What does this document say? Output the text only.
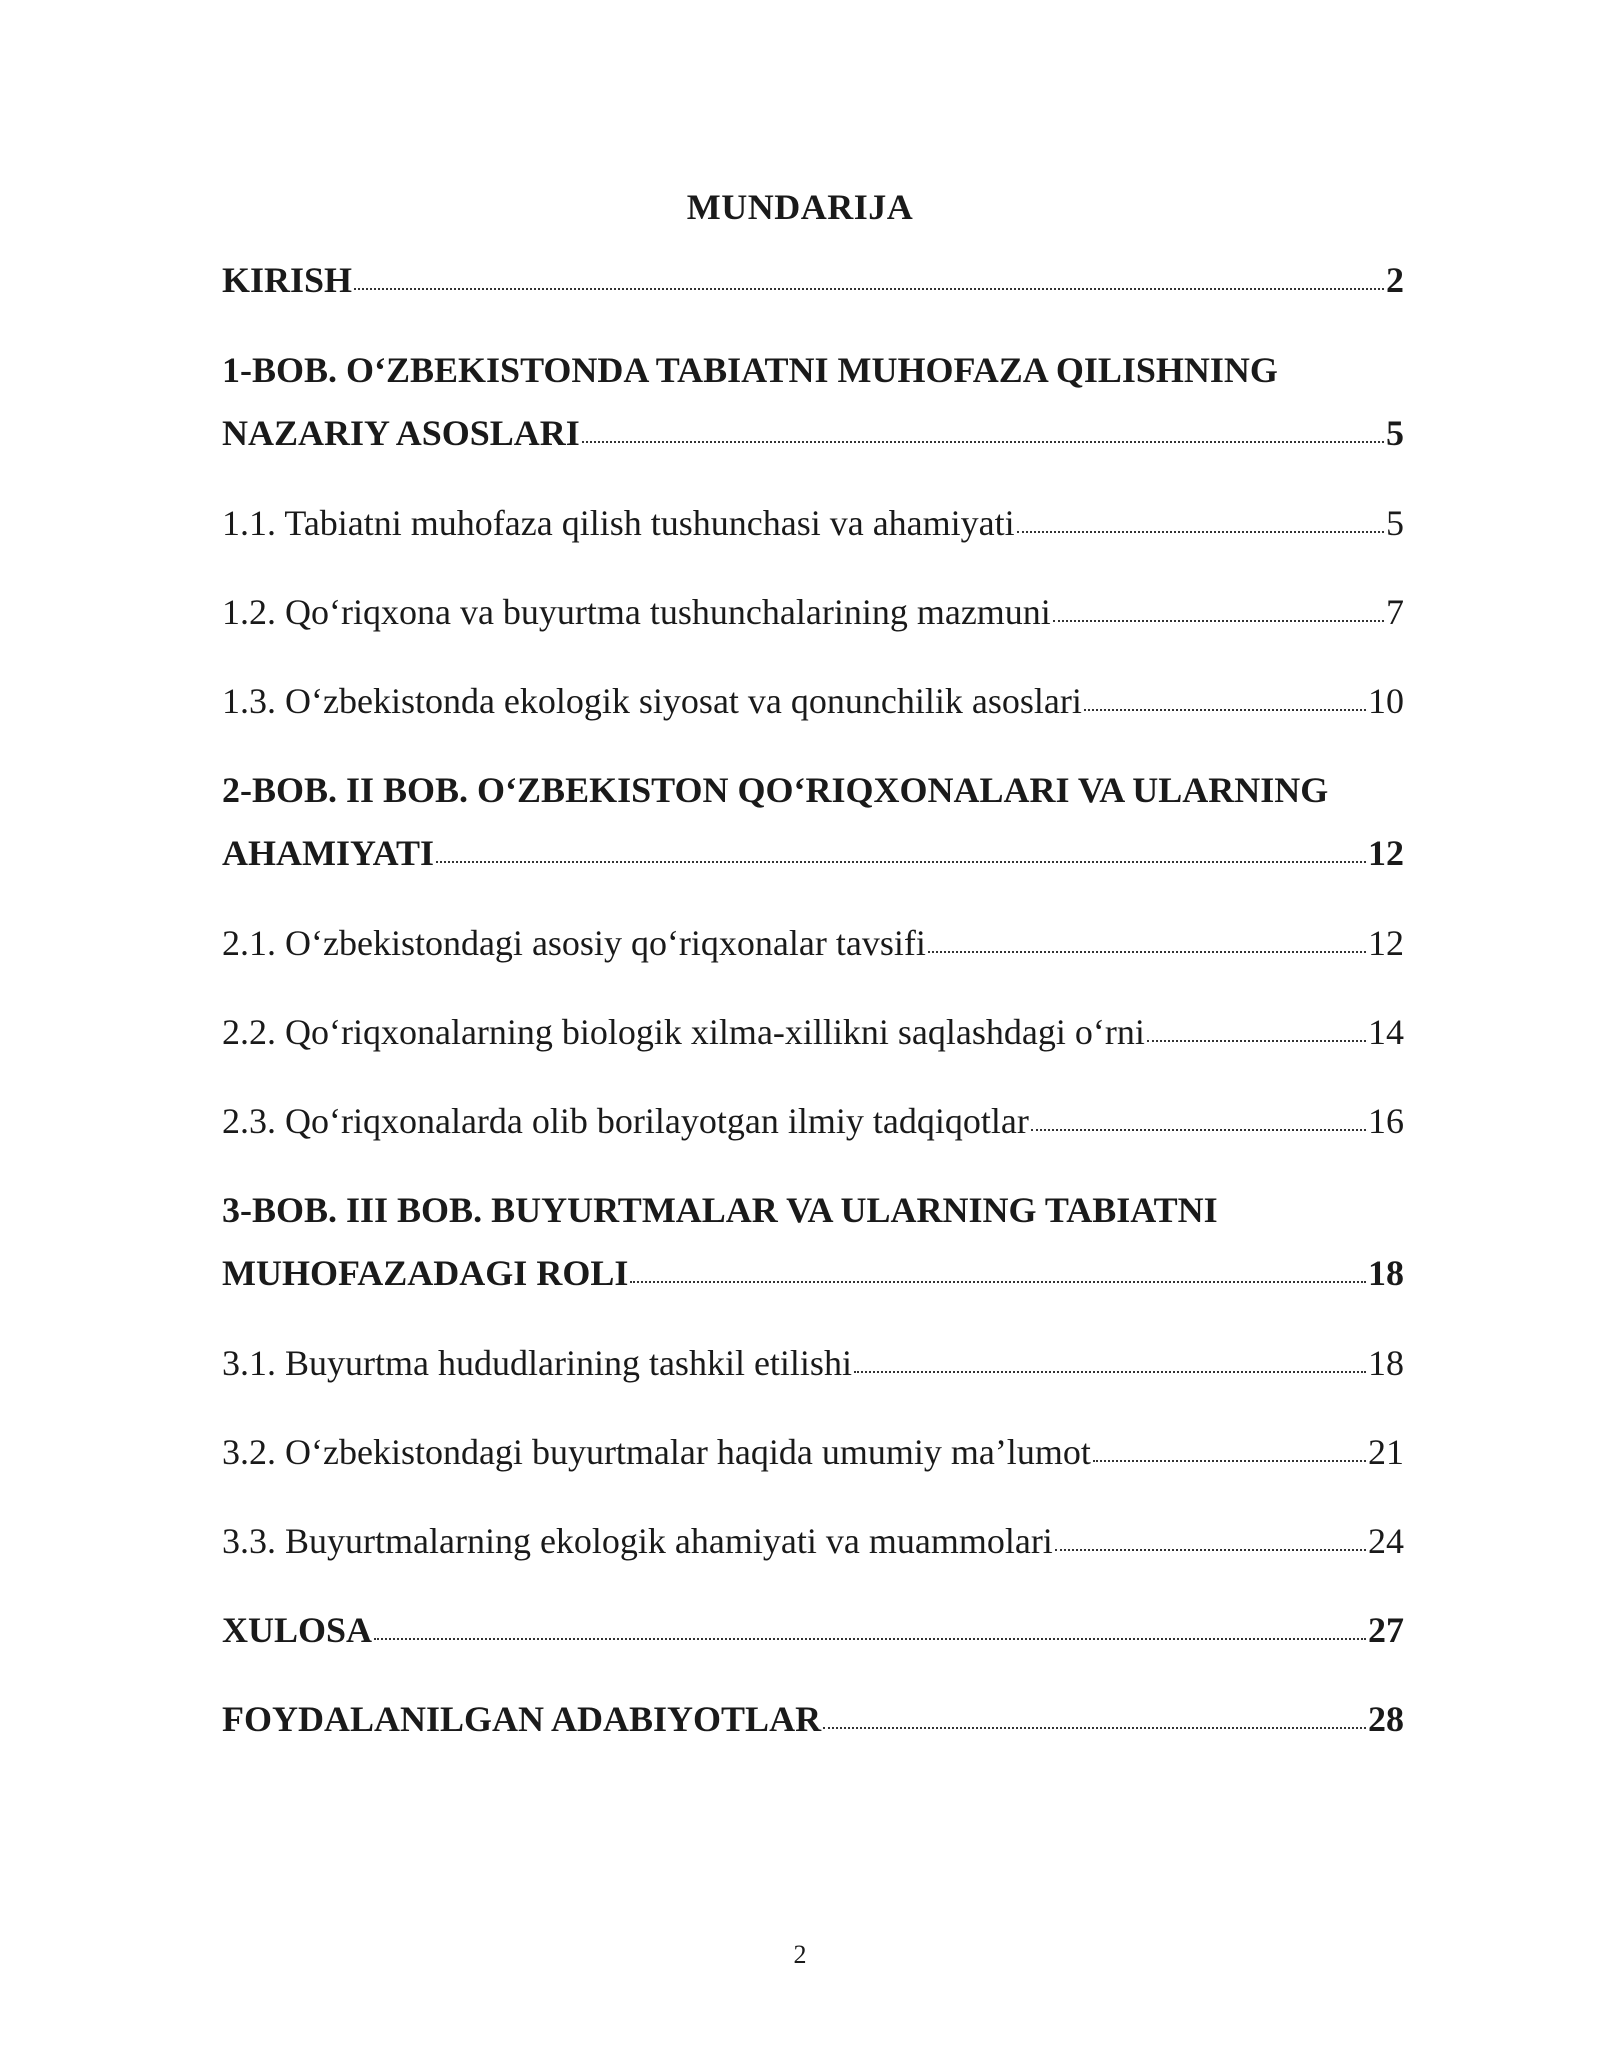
MUNDARIJA
KIRISH	2
1-BOB. O‘ZBEKISTONDA TABIATNI MUHOFAZA QILISHNING
NAZARIY ASOSLARI	5
1.1. Tabiatni muhofaza qilish tushunchasi va ahamiyati	5
1.2. Qo‘riqxona va buyurtma tushunchalarining mazmuni	7
1.3. O‘zbekistonda ekologik siyosat va qonunchilik asoslari	10
2-BOB. II BOB. O‘ZBEKISTON QO‘RIQXONALARI VA ULARNING
AHAMIYATI	12
2.1. O‘zbekistondagi asosiy qo‘riqxonalar tavsifi	12
2.2. Qo‘riqxonalarning biologik xilma-xillikni saqlashdagi o‘rni	14
2.3. Qo‘riqxonalarda olib borilayotgan ilmiy tadqiqotlar	16
3-BOB. III BOB. BUYURTMALAR VA ULARNING TABIATNI
MUHOFAZADAGI ROLI	18
3.1. Buyurtma hududlarining tashkil etilishi	18
3.2. O‘zbekistondagi buyurtmalar haqida umumiy ma’lumot	21
3.3. Buyurtmalarning ekologik ahamiyati va muammolari	24
XULOSA	27
FOYDALANILGAN ADABIYOTLAR	28
2
